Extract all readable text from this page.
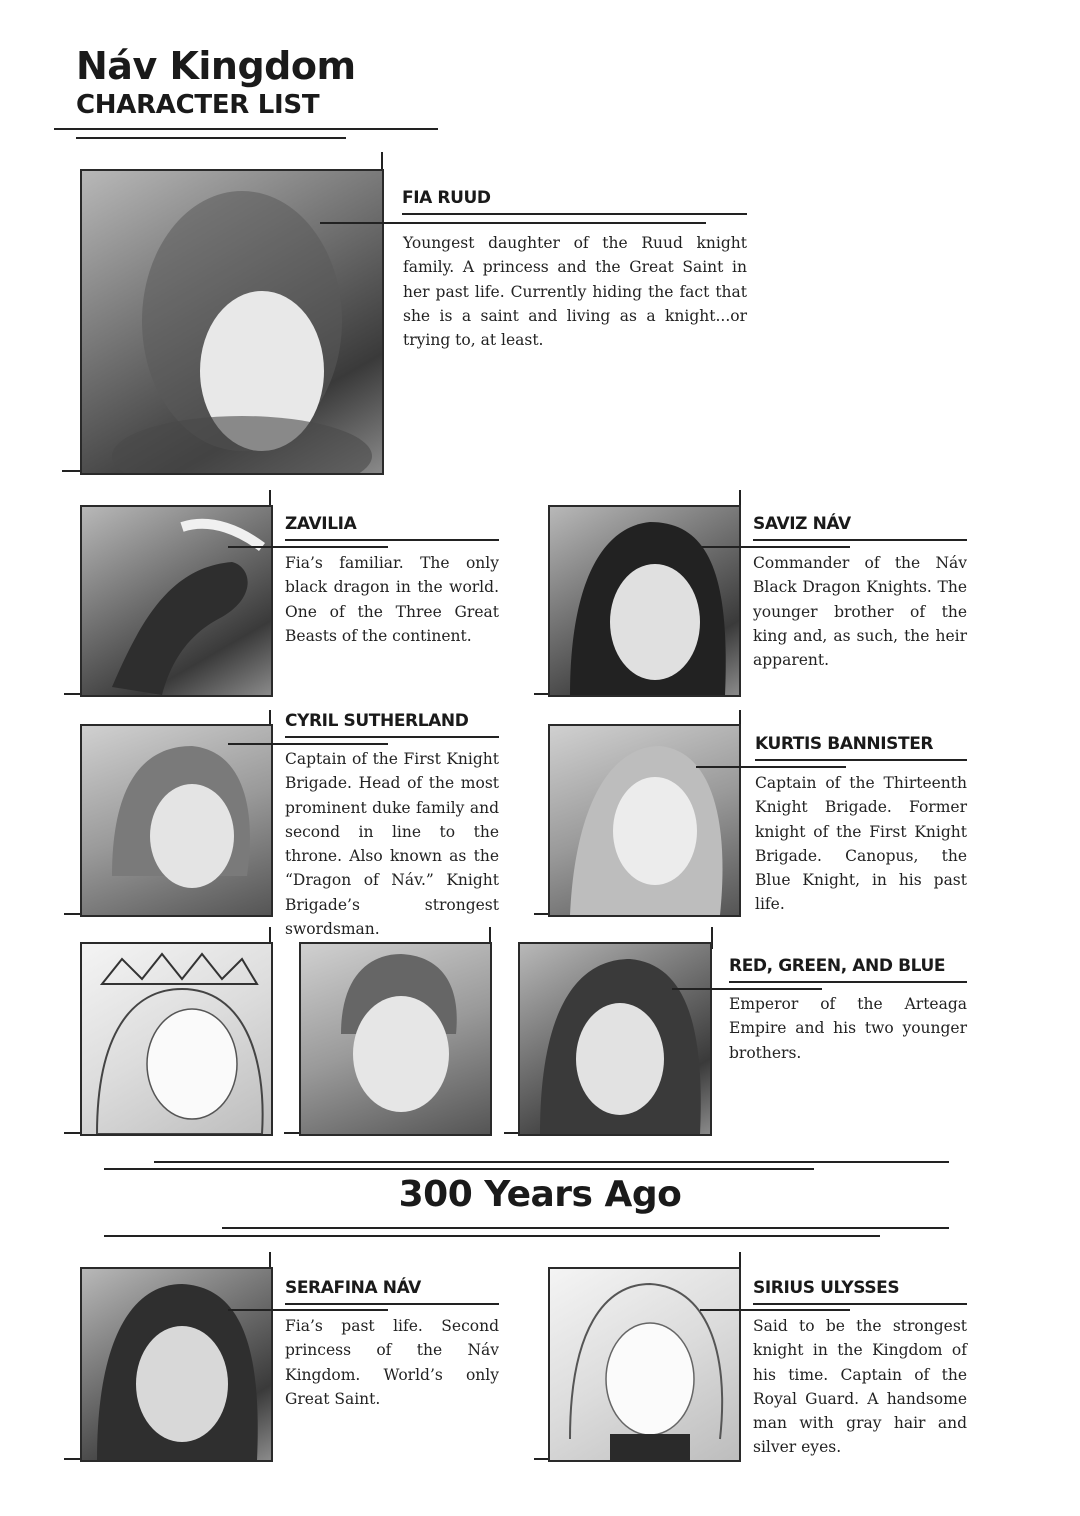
Náv Kingdom
CHARACTER LIST
FIA RUUD

Youngest daughter of the Ruud knight family. A princess and the Great Saint in her past life. Currently hiding the fact that she is a saint and living as a knight...or trying to, at least.

ZAVILIA

Fia’s familiar. The only black dragon in the world. One of the Three Great Beasts of the continent.

SAVIZ NÁV

Commander of the Náv Black Dragon Knights. The younger brother of the king and, as such, the heir apparent.

CYRIL SUTHERLAND

Captain of the First Knight Brigade. Head of the most prominent duke family and second in line to the throne. Also known as the “Dragon of Náv.” Knight Brigade’s strongest swordsman.

KURTIS BANNISTER

Captain of the Thirteenth Knight Brigade. Former knight of the First Knight Brigade. Canopus, the Blue Knight, in his past life.

RED, GREEN, AND BLUE

Emperor of the Arteaga Empire and his two younger brothers.

300 Years Ago
SERAFINA NÁV

Fia’s past life. Second princess of the Náv Kingdom. World’s only Great Saint.

SIRIUS ULYSSES

Said to be the strongest knight in the Kingdom of his time. Captain of the Royal Guard. A handsome man with gray hair and silver eyes.
